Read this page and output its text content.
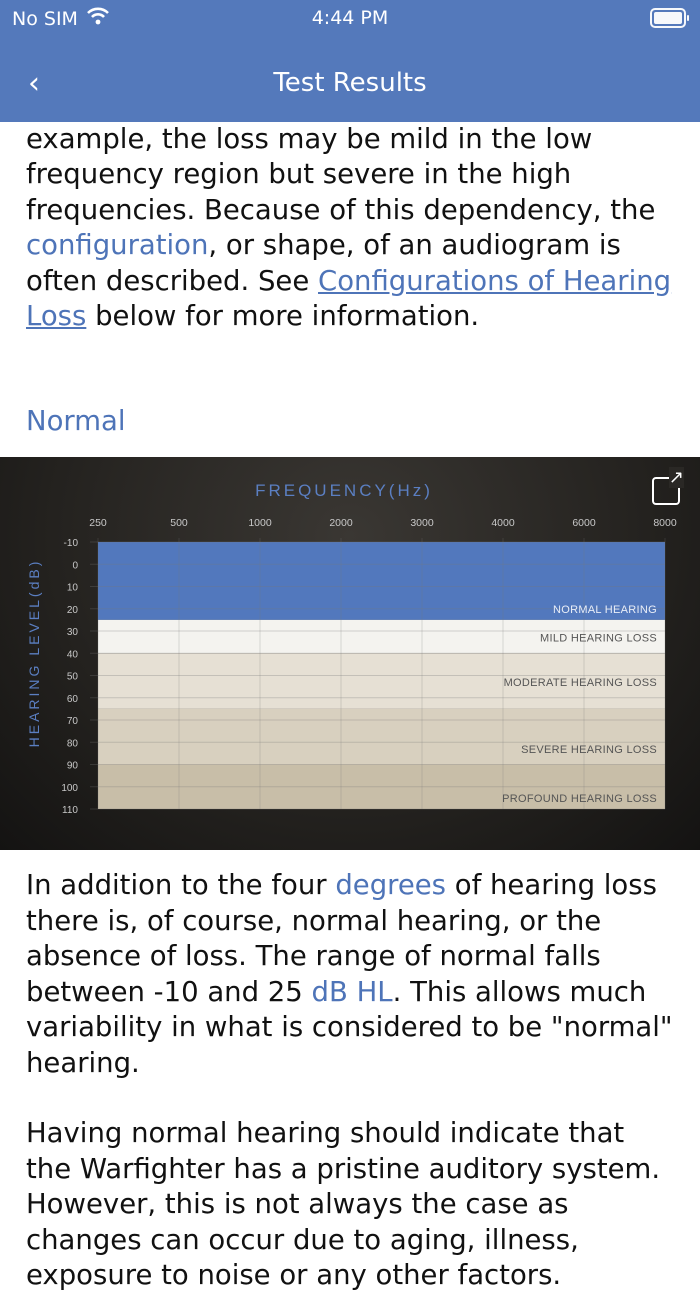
No SIM	4:44 PM
‹	Test Results

example, the loss may be mild in the low

frequency region but severe in the high frequencies. Because of this dependency, the configuration, or shape, of an audiogram is often described. See Configurations of Hearing Loss below for more information.

Normal

↗
250	500	1000	2000	3000	4000	6000	8000
-10
0
10
20
30
40
50
60
70
80
90
100
110
NORMAL HEARING
MILD HEARING LOSS
MODERATE HEARING LOSS
SEVERE HEARING LOSS
PROFOUND HEARING LOSS
FREQUENCY(Hz)
HEARING LEVEL(dB)

In addition to the four degrees of hearing loss there is, of course, normal hearing, or the absence of loss. The range of normal falls between -10 and 25 dB HL. This allows much variability in what is considered to be "normal" hearing.

Having normal hearing should indicate that the Warfighter has a pristine auditory system. However, this is not always the case as changes can occur due to aging, illness, exposure to noise or any other factors.
